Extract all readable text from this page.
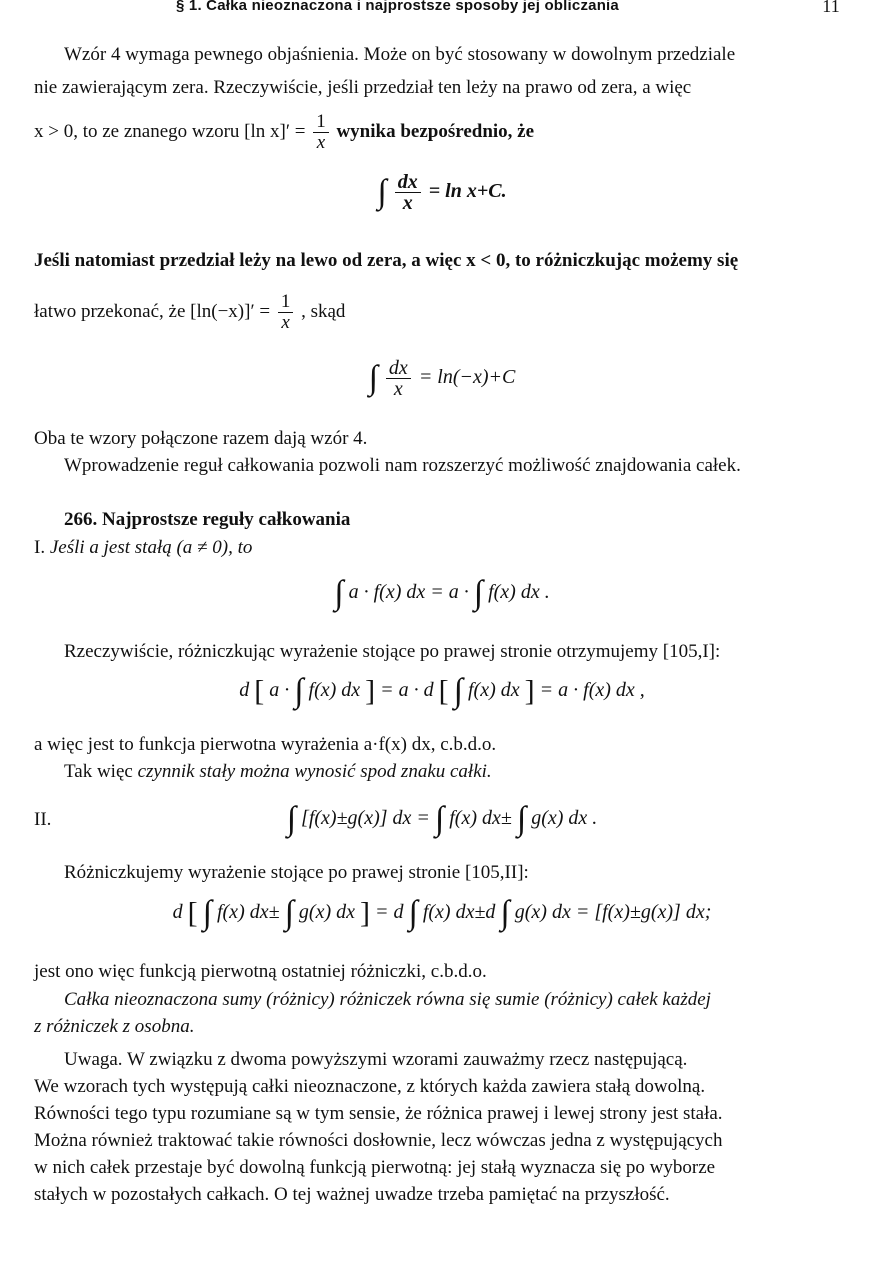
§ 1. Całka nieoznaczona i najprostsze sposoby jej obliczania	11
Wzór 4 wymaga pewnego objaśnienia. Może on być stosowany w dowolnym przedziale
nie zawierającym zera. Rzeczywiście, jeśli przedział ten leży na prawo od zera, a więc
x > 0, to ze znanego wzoru [ln $x]' = \frac{1}{x}$ wynika bezpośrednio, że
∫ $\frac{dx}{x} = \ln x+C$.
Jeśli natomiast przedział leży na lewo od zera, a więc x < 0, to różniczkując możemy się
łatwo przekonać, że $[\ln(-x)]' = \frac{1}{x}$ , skąd
∫ $\frac{dx}{x} = \ln(-x)+C$
Oba te wzory połączone razem dają wzór 4.
Wprowadzenie reguł całkowania pozwoli nam rozszerzyć możliwość znajdowania całek.
266. Najprostsze reguły całkowania
I. Jeśli a jest stałą (a ≠ 0), to
∫ a · f(x) dx = a · ∫ f(x) dx .
Rzeczywiście, różniczkując wyrażenie stojące po prawej stronie otrzymujemy [105,I]:
d [ a · ∫ f(x) dx ] = a · d [ ∫ f(x) dx ] = a · f(x) dx ,
a więc jest to funkcja pierwotna wyrażenia a·f(x) dx, c.b.d.o.
Tak więc czynnik stały można wynosić spod znaku całki.
II.	∫ [f(x)±g(x)] dx = ∫ f(x) dx± ∫ g(x) dx .
Różniczkujemy wyrażenie stojące po prawej stronie [105,II]:
d [ ∫ f(x) dx± ∫ g(x) dx ] = d ∫ f(x) dx±d ∫ g(x) dx = [f(x)±g(x)] dx;
jest ono więc funkcją pierwotną ostatniej różniczki, c.b.d.o.
Całka nieoznaczona sumy (różnicy) różniczek równa się sumie (różnicy) całek każdej
z różniczek z osobna.
Uwaga. W związku z dwoma powyższymi wzorami zauważmy rzecz następującą.
We wzorach tych występują całki nieoznaczone, z których każda zawiera stałą dowolną.
Równości tego typu rozumiane są w tym sensie, że różnica prawej i lewej strony jest stała.
Można również traktować takie równości dosłownie, lecz wówczas jedna z występujących
w nich całek przestaje być dowolną funkcją pierwotną: jej stałą wyznacza się po wyborze
stałych w pozostałych całkach. O tej ważnej uwadze trzeba pamiętać na przyszłość.
